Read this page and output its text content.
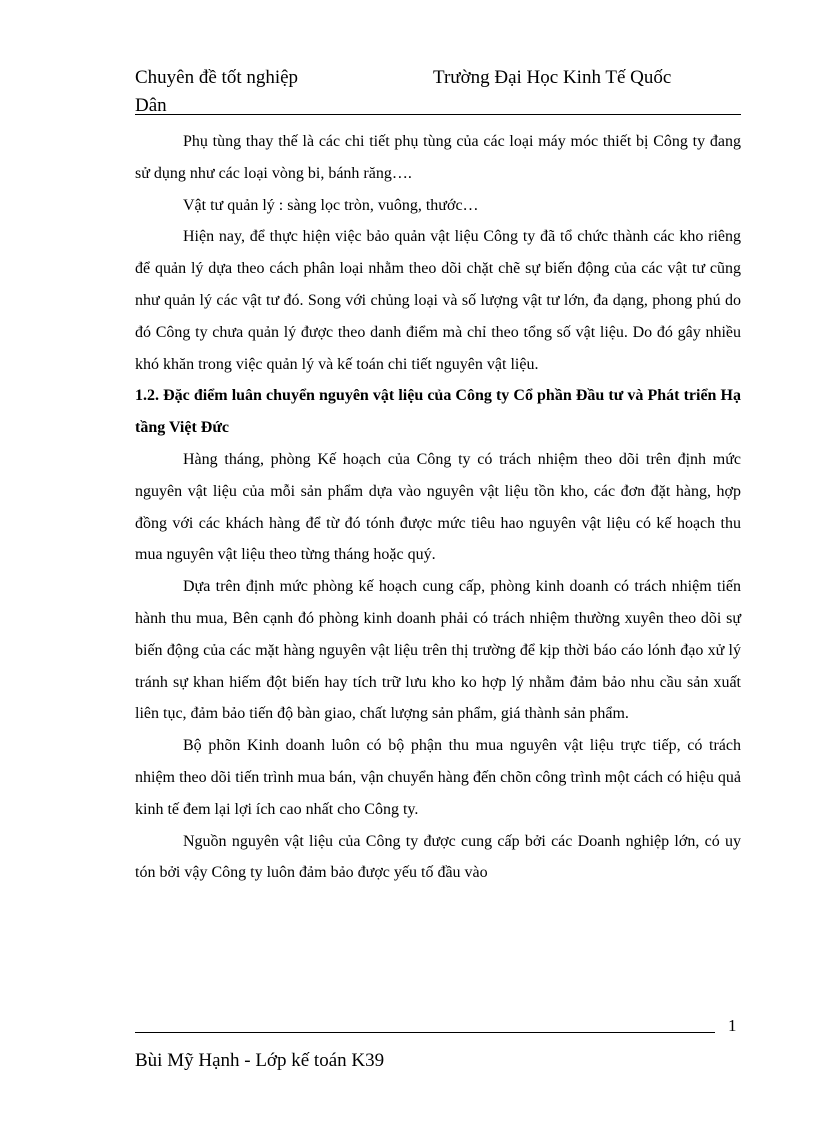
Chuyên đề tốt nghiệp	Trường Đại Học Kinh Tế Quốc
Dân

Phụ tùng thay thế là các chi tiết phụ tùng của các loại máy móc thiết bị Công ty đang sử dụng như các loại vòng bi, bánh răng….

Vật tư quản lý : sàng lọc tròn, vuông, thước…

Hiện nay, để thực hiện việc bảo quản vật liệu Công ty đã tổ chức thành các kho riêng để quản lý dựa theo cách phân loại nhằm theo dõi chặt chẽ sự biến động của các vật tư cũng như quản lý các vật tư đó. Song với chủng loại và số lượng vật tư lớn, đa dạng, phong phú do đó Công ty chưa quản lý được theo danh điểm mà chỉ theo tổng số vật liệu. Do đó gây nhiều khó khăn trong việc quản lý và kế toán chi tiết nguyên vật liệu.

1.2. Đặc điểm luân chuyển nguyên vật liệu của Công ty Cổ phần Đầu tư và Phát triển Hạ tầng Việt Đức

Hàng tháng, phòng Kế hoạch của Công ty có trách nhiệm theo dõi trên định mức nguyên vật liệu của mỗi sản phẩm dựa vào nguyên vật liệu tồn kho, các đơn đặt hàng, hợp đồng với các khách hàng để từ đó tónh được mức tiêu hao nguyên vật liệu có kế hoạch thu mua nguyên vật liệu theo từng tháng hoặc quý.

Dựa trên định mức phòng kế hoạch cung cấp, phòng kinh doanh có trách nhiệm tiến hành thu mua, Bên cạnh đó phòng kinh doanh phải có trách nhiệm thường xuyên theo dõi sự biến động của các mặt hàng nguyên vật liệu trên thị trường để kịp thời báo cáo lónh đạo xử lý tránh sự khan hiếm đột biến hay tích trữ lưu kho ko hợp lý nhằm đảm bảo nhu cầu sản xuất liên tục, đảm bảo tiến độ bàn giao, chất lượng sản phẩm, giá thành sản phẩm.

Bộ phõn Kinh doanh luôn có bộ phận thu mua nguyên vật liệu trực tiếp, có trách nhiệm theo dõi tiến trình mua bán, vận chuyển hàng đến chõn công trình một cách có hiệu quả kinh tế đem lại lợi ích cao nhất cho Công ty.

Nguồn nguyên vật liệu của Công ty được cung cấp bởi các Doanh nghiệp lớn, có uy tón bởi vậy Công ty luôn đảm bảo được yếu tố đầu vào

1
Bùi Mỹ Hạnh - Lớp kế toán K39
